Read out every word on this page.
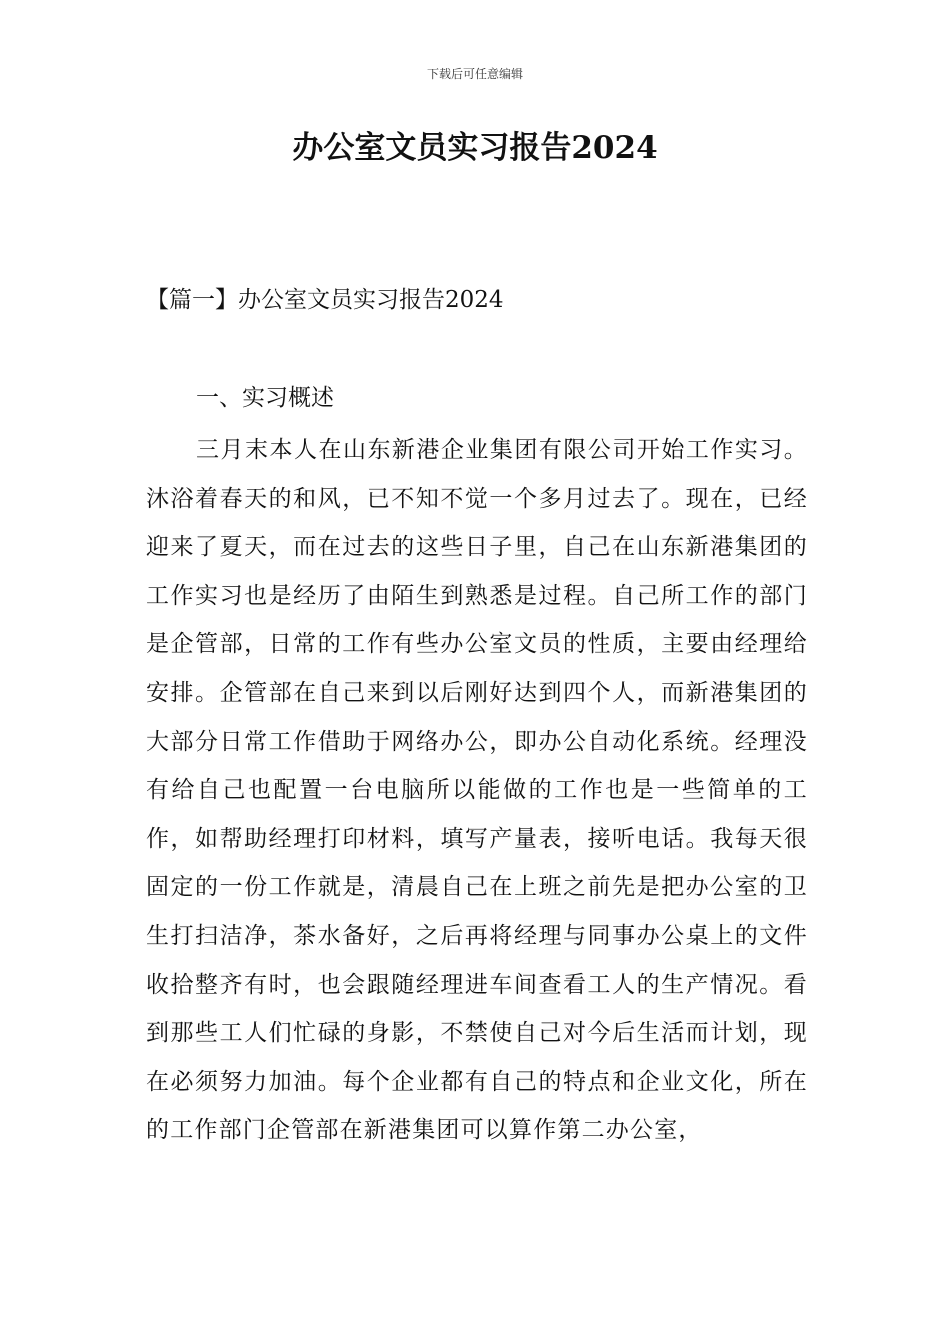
下载后可任意编辑
办公室文员实习报告2024
【篇一】办公室文员实习报告2024
一、实习概述

三月末本人在山东新港企业集团有限公司开始工作实习。沐浴着春天的和风，已不知不觉一个多月过去了。现在，已经迎来了夏天，而在过去的这些日子里，自己在山东新港集团的工作实习也是经历了由陌生到熟悉是过程。自己所工作的部门是企管部，日常的工作有些办公室文员的性质，主要由经理给安排。企管部在自己来到以后刚好达到四个人，而新港集团的大部分日常工作借助于网络办公，即办公自动化系统。经理没有给自己也配置一台电脑所以能做的工作也是一些简单的工作，如帮助经理打印材料，填写产量表，接听电话。我每天很固定的一份工作就是，清晨自己在上班之前先是把办公室的卫生打扫洁净，茶水备好，之后再将经理与同事办公桌上的文件收拾整齐有时，也会跟随经理进车间查看工人的生产情况。看到那些工人们忙碌的身影，不禁使自己对今后生活而计划，现在必须努力加油。每个企业都有自己的特点和企业文化，所在的工作部门企管部在新港集团可以算作第二办公室，
